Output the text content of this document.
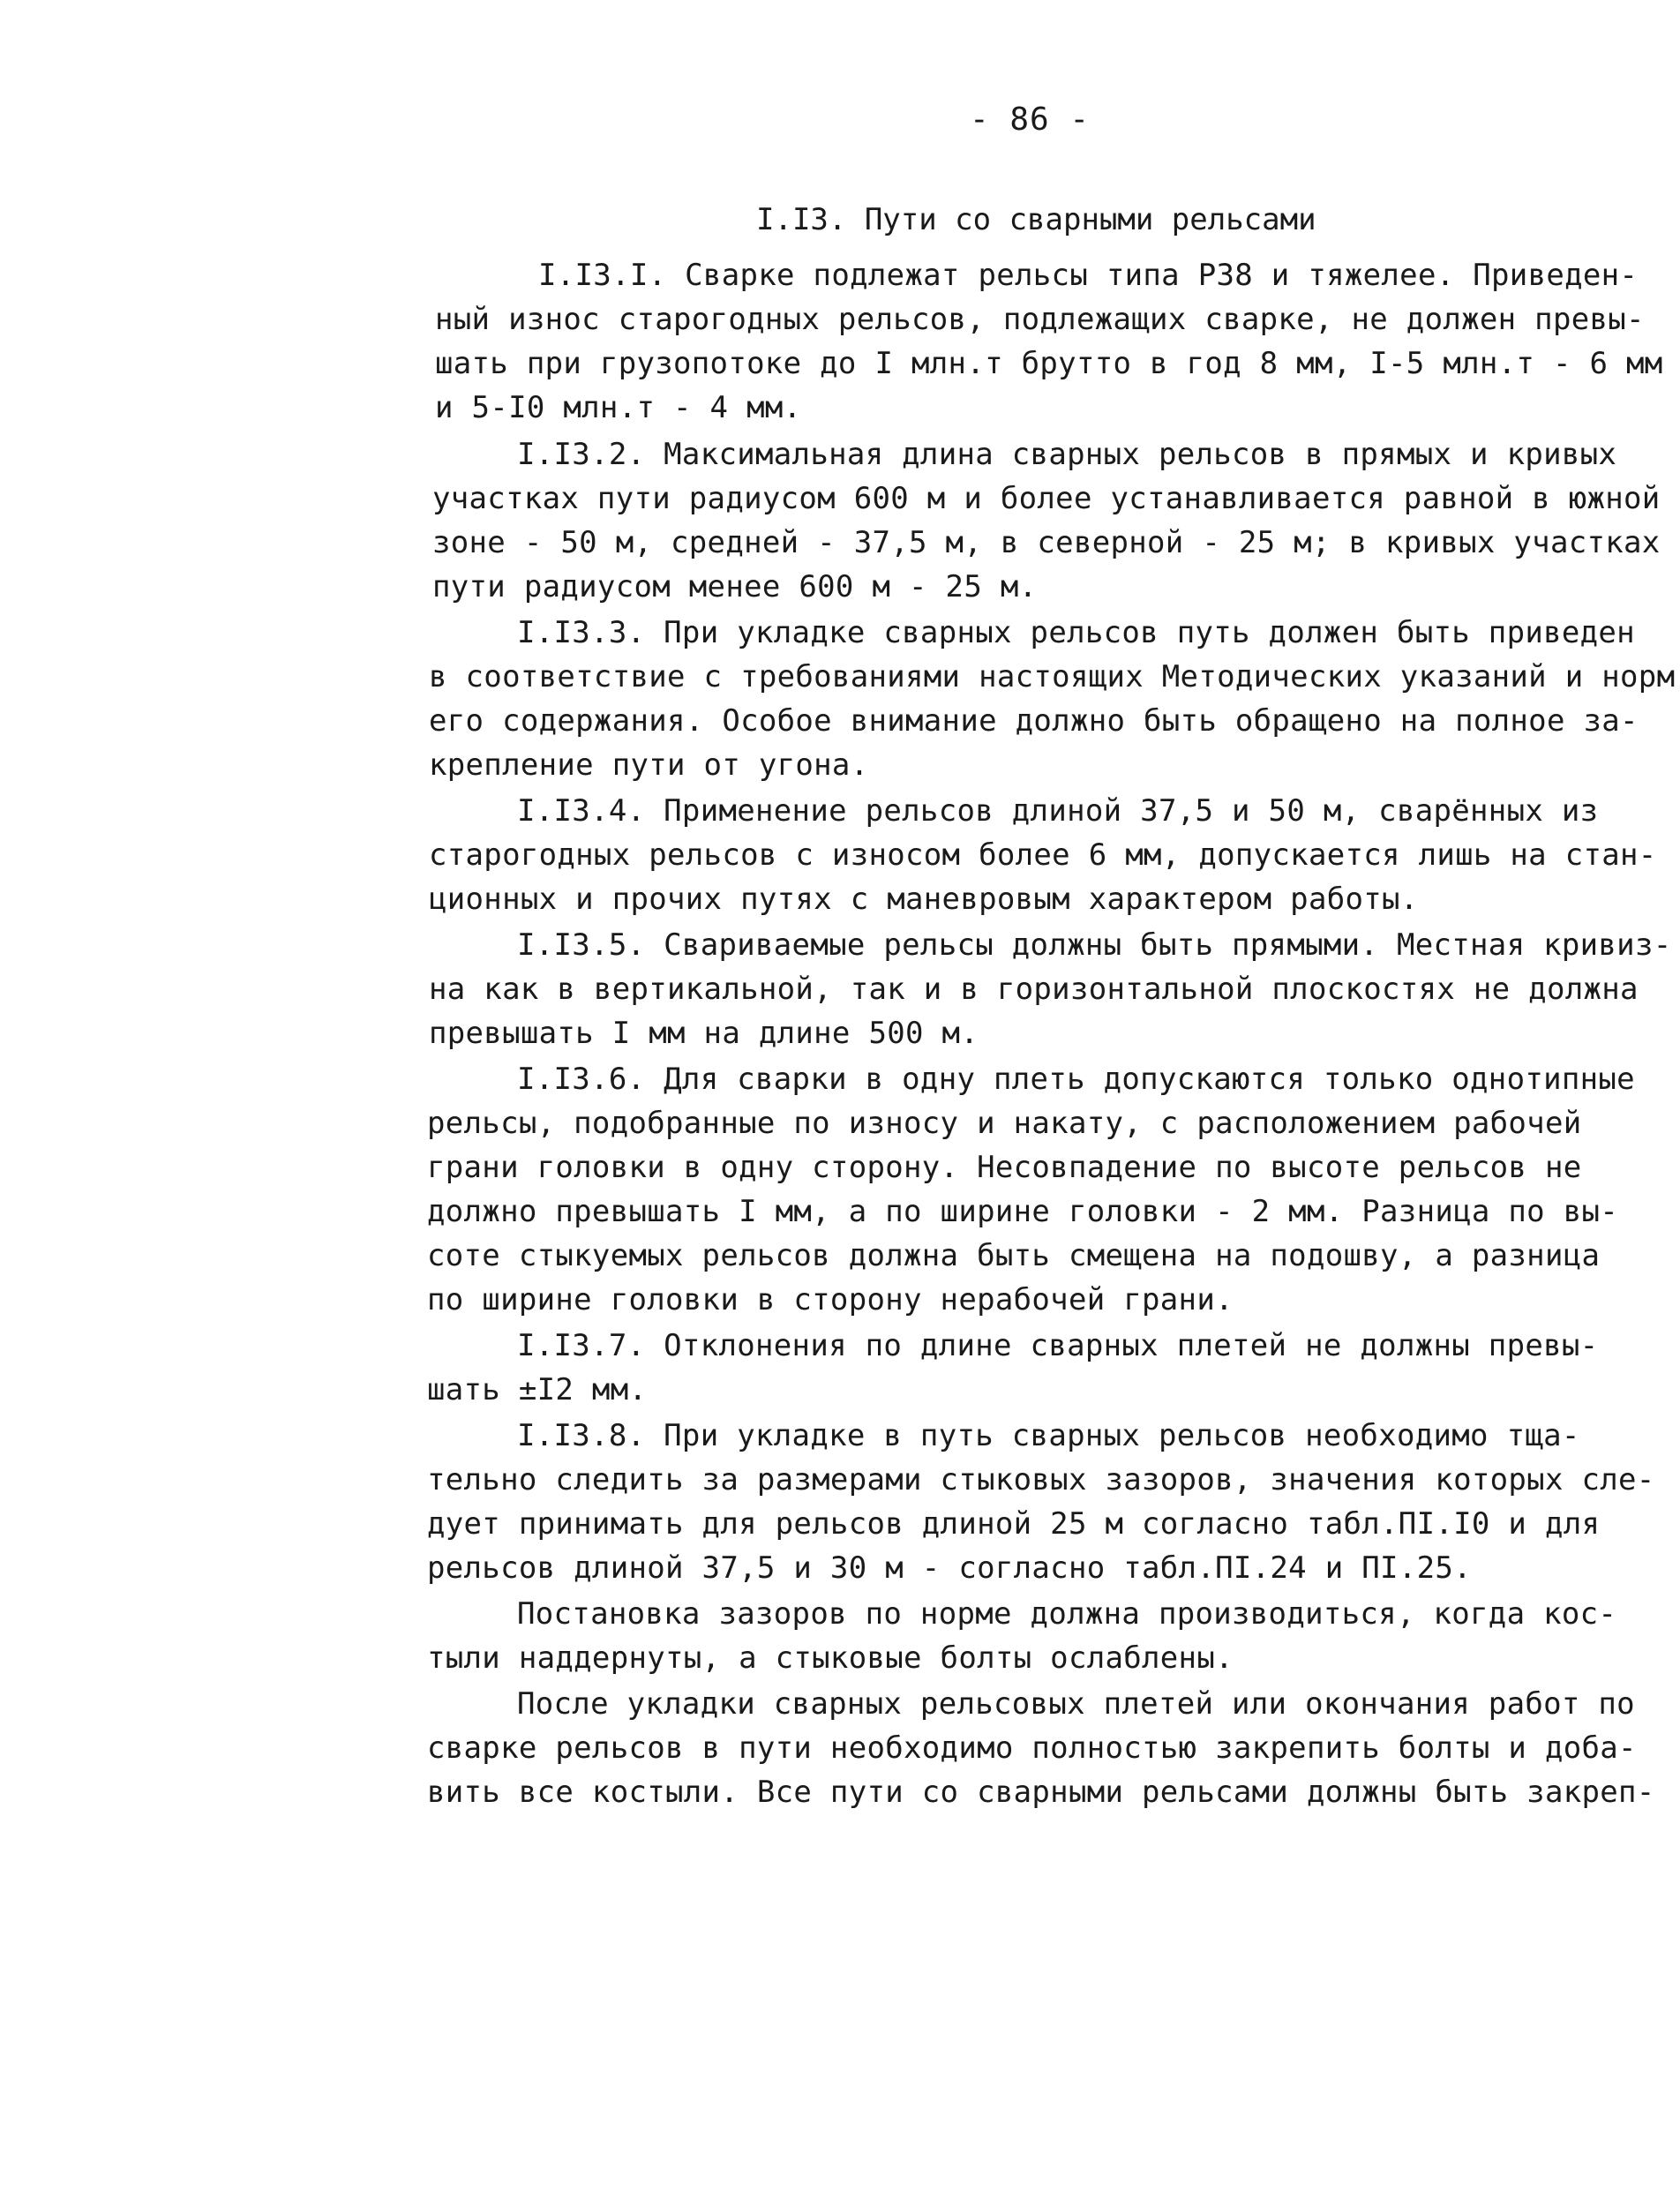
- 86 -
I.I3. Пути со сварными рельсами
I.I3.I. Сварке подлежат рельсы типа Р38 и тяжелее. Приведен-
ный износ старогодных рельсов, подлежащих сварке, не должен превы-
шать при грузопотоке до I млн.т брутто в год 8 мм, I-5 млн.т - 6 мм
и 5-I0 млн.т - 4 мм.
I.I3.2. Максимальная длина сварных рельсов в прямых и кривых
участках пути радиусом 600 м и более устанавливается равной в южной
зоне - 50 м, средней - 37,5 м, в северной - 25 м; в кривых участках
пути радиусом менее 600 м - 25 м.
I.I3.3. При укладке сварных рельсов путь должен быть приведен
в соответствие с требованиями настоящих Методических указаний и норм
его содержания. Особое внимание должно быть обращено на полное за-
крепление пути от угона.
I.I3.4. Применение рельсов длиной 37,5 и 50 м, сварённых из
старогодных рельсов с износом более 6 мм, допускается лишь на стан-
ционных и прочих путях с маневровым характером работы.
I.I3.5. Свариваемые рельсы должны быть прямыми. Местная кривиз-
на как в вертикальной, так и в горизонтальной плоскостях не должна
превышать I мм на длине 500 м.
I.I3.6. Для сварки в одну плеть допускаются только однотипные
рельсы, подобранные по износу и накату, с расположением рабочей
грани головки в одну сторону. Несовпадение по высоте рельсов не
должно превышать I мм, а по ширине головки - 2 мм. Разница по вы-
соте стыкуемых рельсов должна быть смещена на подошву, а разница
по ширине головки в сторону нерабочей грани.
I.I3.7. Отклонения по длине сварных плетей не должны превы-
шать ±I2 мм.
I.I3.8. При укладке в путь сварных рельсов необходимо тща-
тельно следить за размерами стыковых зазоров, значения которых сле-
дует принимать для рельсов длиной 25 м согласно табл.ПI.I0 и для
рельсов длиной 37,5 и 30 м - согласно табл.ПI.24 и ПI.25.
Постановка зазоров по норме должна производиться, когда кос-
тыли наддернуты, а стыковые болты ослаблены.
После укладки сварных рельсовых плетей или окончания работ по
сварке рельсов в пути необходимо полностью закрепить болты и доба-
вить все костыли. Все пути со сварными рельсами должны быть закреп-
